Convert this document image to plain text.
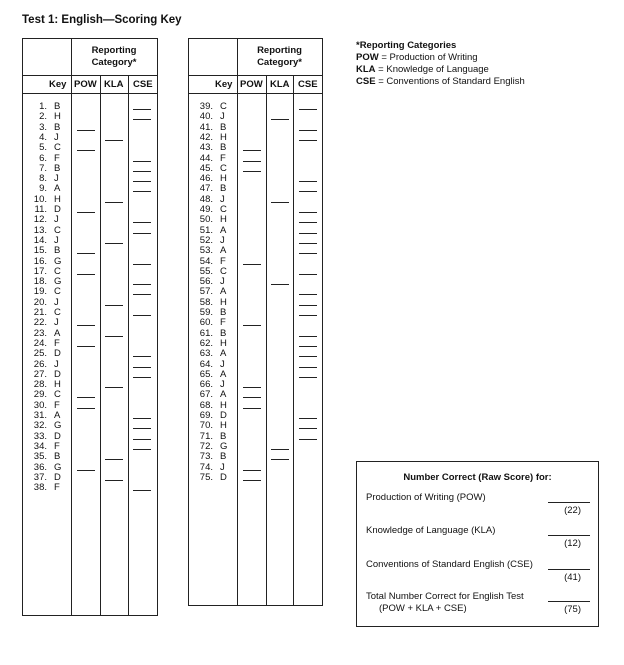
Test 1: English—Scoring Key
Reporting Category*
Key POW KLA CSE
1. B
2. H
3. B
4. J
5. C
6. F
7. B
8. J
9. A
10. H
11. D
12. J
13. C
14. J
15. B
16. G
17. C
18. G
19. C
20. J
21. C
22. J
23. A
24. F
25. D
26. J
27. D
28. H
29. C
30. F
31. A
32. G
33. D
34. F
35. B
36. G
37. D
38. F
Reporting Category*
Key POW KLA CSE
39. C
40. J
41. B
42. H
43. B
44. F
45. C
46. H
47. B
48. J
49. C
50. H
51. A
52. J
53. A
54. F
55. C
56. J
57. A
58. H
59. B
60. F
61. B
62. H
63. A
64. J
65. A
66. J
67. A
68. H
69. D
70. H
71. B
72. G
73. B
74. J
75. D
*Reporting Categories
POW = Production of Writing
KLA = Knowledge of Language
CSE = Conventions of Standard English
Number Correct (Raw Score) for:
Production of Writing (POW)
(22)
Knowledge of Language (KLA)
(12)
Conventions of Standard English (CSE)
(41)
Total Number Correct for English Test
(POW + KLA + CSE)	(75)
